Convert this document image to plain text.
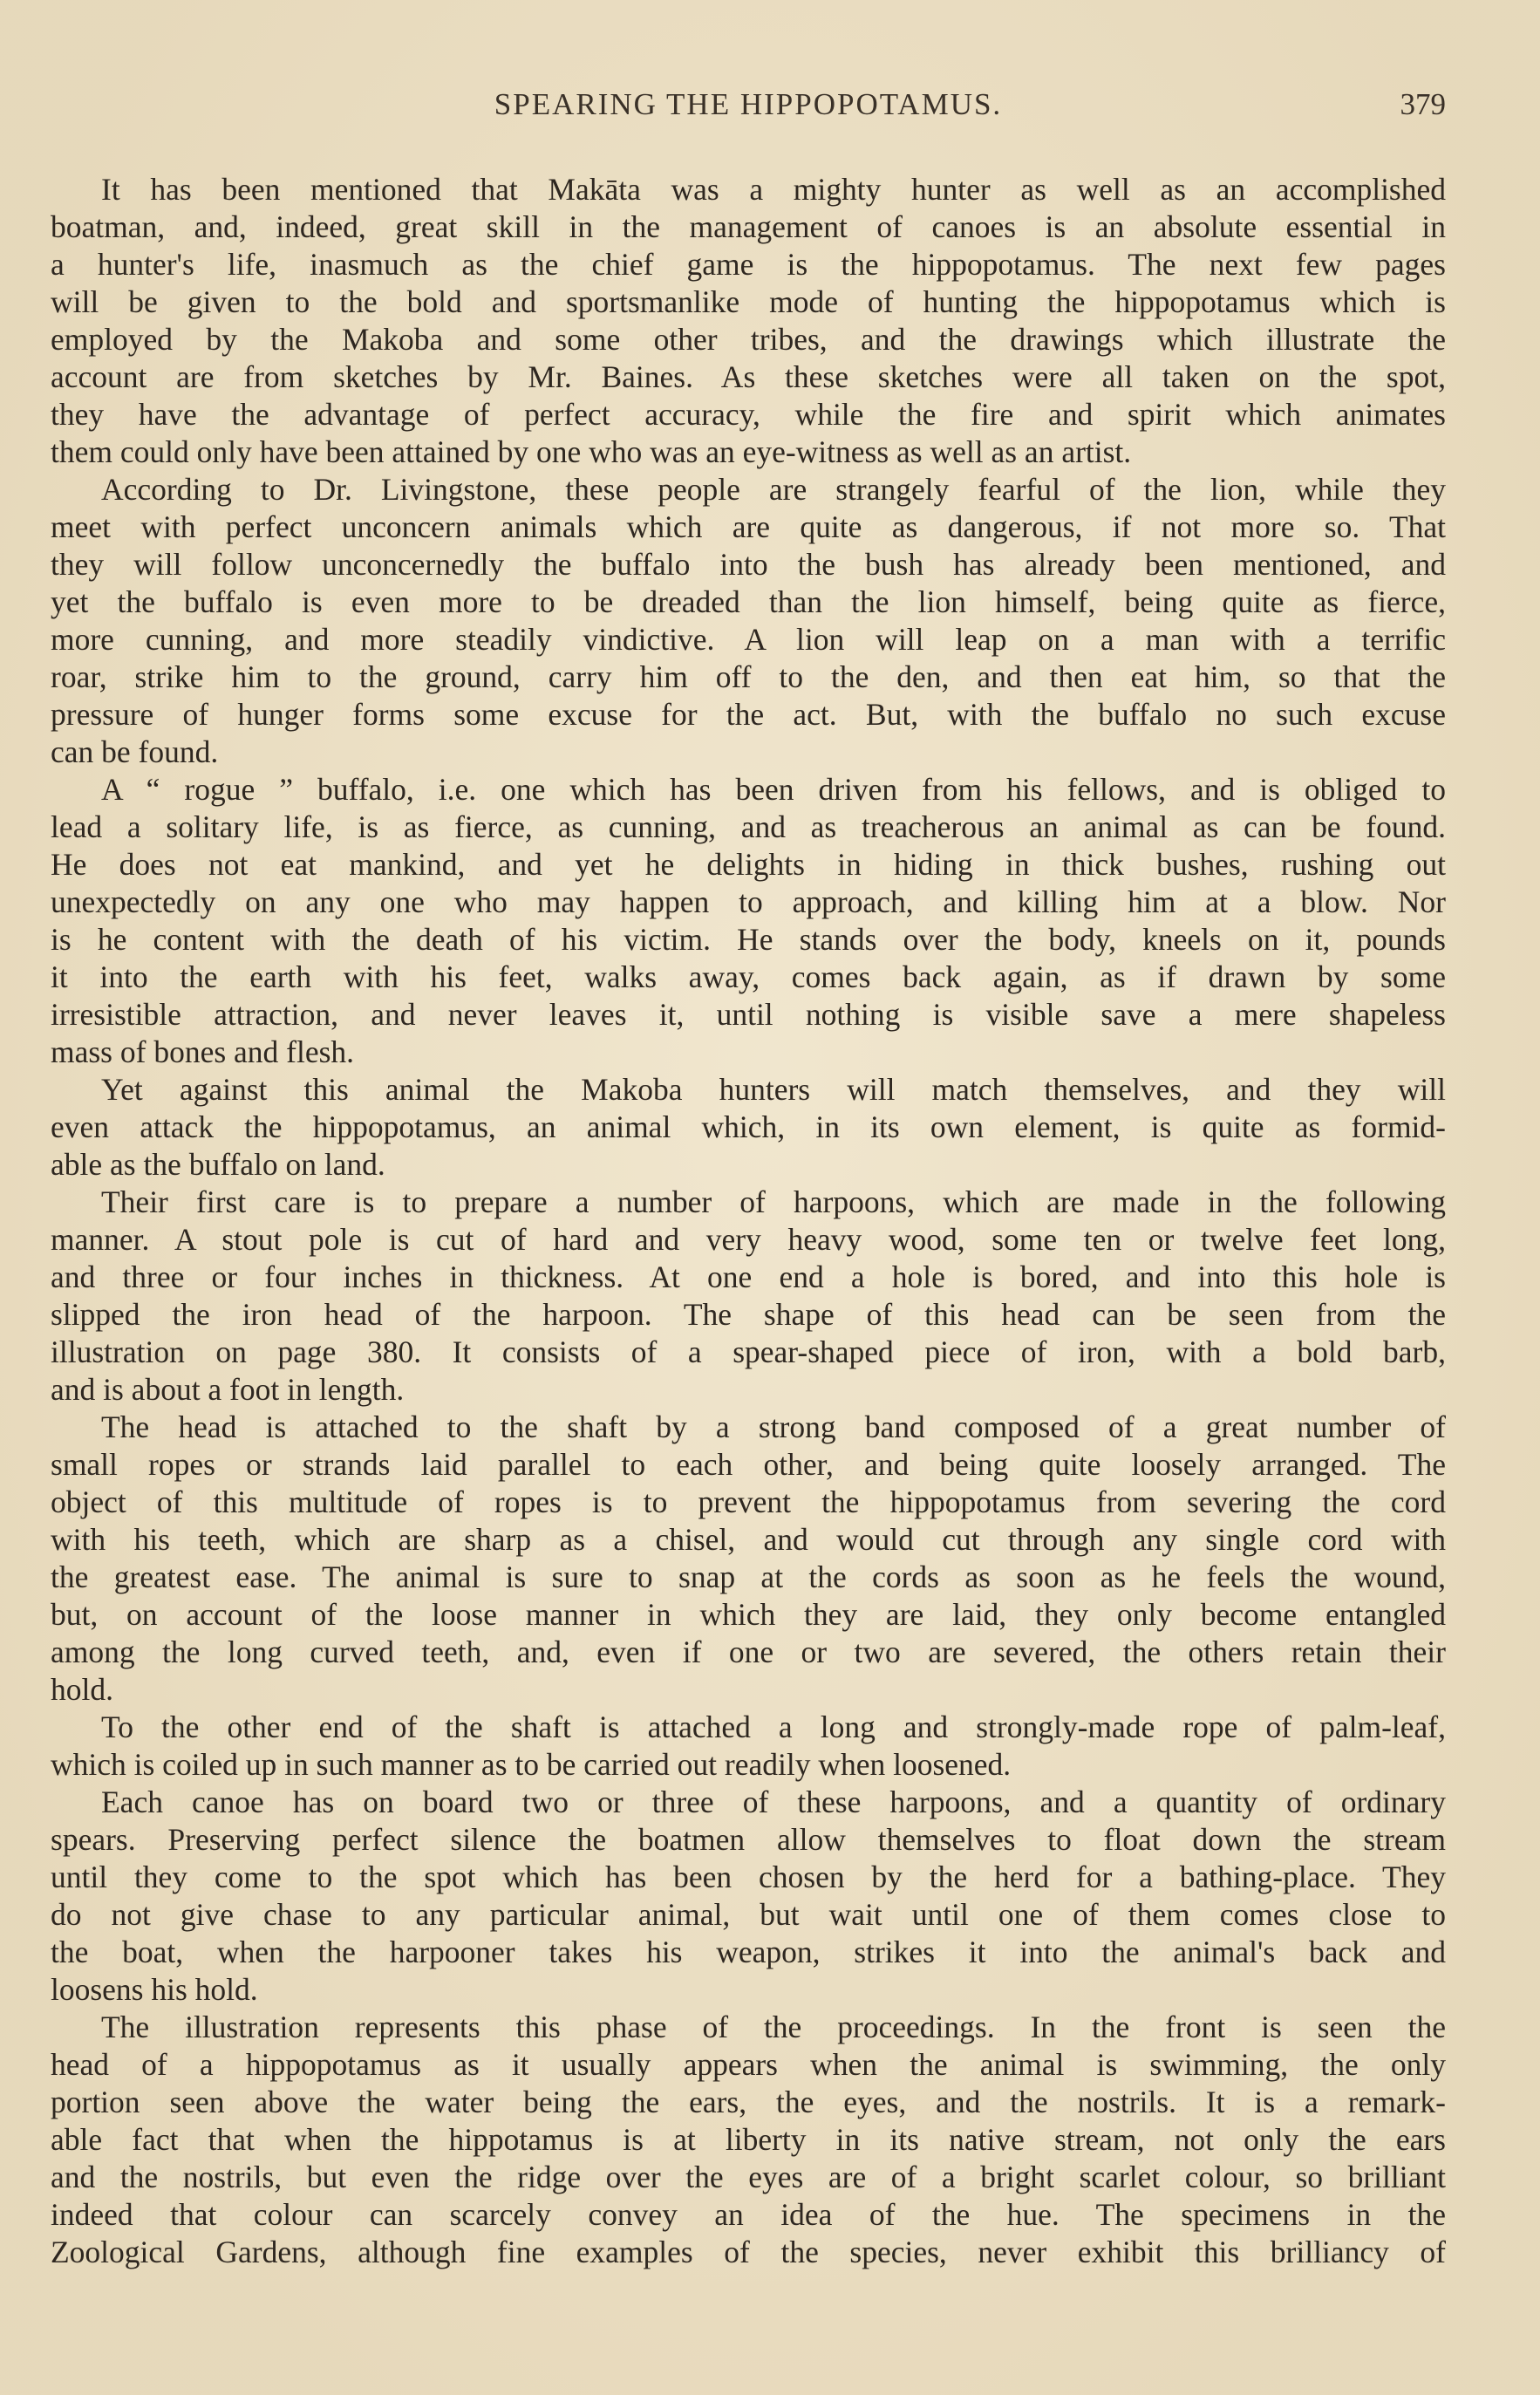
SPEARING THE HIPPOPOTAMUS.	379
It has been mentioned that Makāta was a mighty hunter as well as an accomplished
boatman, and, indeed, great skill in the management of canoes is an absolute essential in
a hunter's life, inasmuch as the chief game is the hippopotamus. The next few pages
will be given to the bold and sportsmanlike mode of hunting the hippopotamus which is
employed by the Makoba and some other tribes, and the drawings which illustrate the
account are from sketches by Mr. Baines. As these sketches were all taken on the spot,
they have the advantage of perfect accuracy, while the fire and spirit which animates
them could only have been attained by one who was an eye-witness as well as an artist.
According to Dr. Livingstone, these people are strangely fearful of the lion, while they
meet with perfect unconcern animals which are quite as dangerous, if not more so. That
they will follow unconcernedly the buffalo into the bush has already been mentioned, and
yet the buffalo is even more to be dreaded than the lion himself, being quite as fierce,
more cunning, and more steadily vindictive. A lion will leap on a man with a terrific
roar, strike him to the ground, carry him off to the den, and then eat him, so that the
pressure of hunger forms some excuse for the act. But, with the buffalo no such excuse
can be found.
A “ rogue ” buffalo, i.e. one which has been driven from his fellows, and is obliged to
lead a solitary life, is as fierce, as cunning, and as treacherous an animal as can be found.
He does not eat mankind, and yet he delights in hiding in thick bushes, rushing out
unexpectedly on any one who may happen to approach, and killing him at a blow. Nor
is he content with the death of his victim. He stands over the body, kneels on it, pounds
it into the earth with his feet, walks away, comes back again, as if drawn by some
irresistible attraction, and never leaves it, until nothing is visible save a mere shapeless
mass of bones and flesh.
Yet against this animal the Makoba hunters will match themselves, and they will
even attack the hippopotamus, an animal which, in its own element, is quite as formid-
able as the buffalo on land.
Their first care is to prepare a number of harpoons, which are made in the following
manner. A stout pole is cut of hard and very heavy wood, some ten or twelve feet long,
and three or four inches in thickness. At one end a hole is bored, and into this hole is
slipped the iron head of the harpoon. The shape of this head can be seen from the
illustration on page 380. It consists of a spear-shaped piece of iron, with a bold barb,
and is about a foot in length.
The head is attached to the shaft by a strong band composed of a great number of
small ropes or strands laid parallel to each other, and being quite loosely arranged. The
object of this multitude of ropes is to prevent the hippopotamus from severing the cord
with his teeth, which are sharp as a chisel, and would cut through any single cord with
the greatest ease. The animal is sure to snap at the cords as soon as he feels the wound,
but, on account of the loose manner in which they are laid, they only become entangled
among the long curved teeth, and, even if one or two are severed, the others retain their
hold.
To the other end of the shaft is attached a long and strongly-made rope of palm-leaf,
which is coiled up in such manner as to be carried out readily when loosened.
Each canoe has on board two or three of these harpoons, and a quantity of ordinary
spears. Preserving perfect silence the boatmen allow themselves to float down the stream
until they come to the spot which has been chosen by the herd for a bathing-place. They
do not give chase to any particular animal, but wait until one of them comes close to
the boat, when the harpooner takes his weapon, strikes it into the animal's back and
loosens his hold.
The illustration represents this phase of the proceedings. In the front is seen the
head of a hippopotamus as it usually appears when the animal is swimming, the only
portion seen above the water being the ears, the eyes, and the nostrils. It is a remark-
able fact that when the hippotamus is at liberty in its native stream, not only the ears
and the nostrils, but even the ridge over the eyes are of a bright scarlet colour, so brilliant
indeed that colour can scarcely convey an idea of the hue. The specimens in the
Zoological Gardens, although fine examples of the species, never exhibit this brilliancy of
